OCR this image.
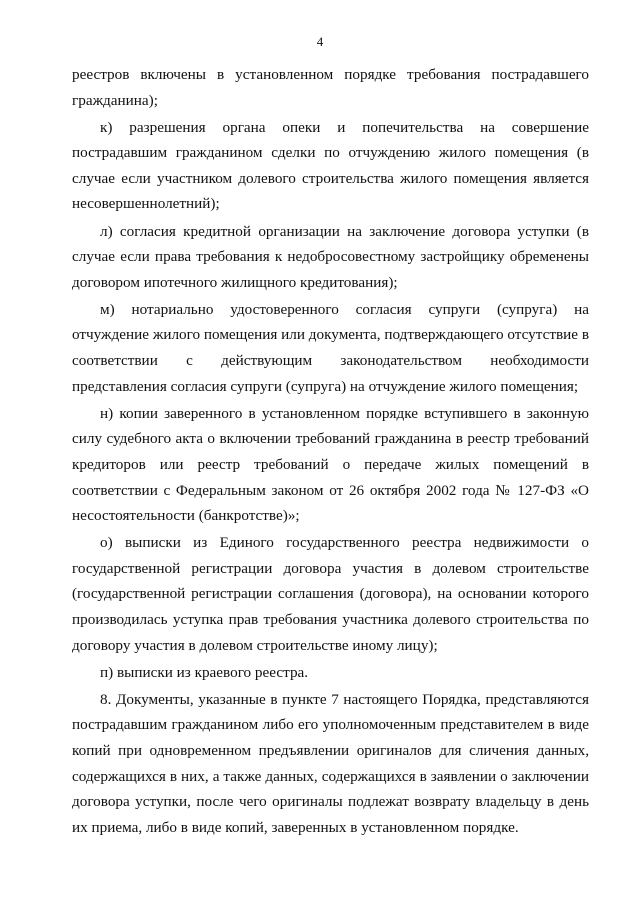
4

реестров включены в установленном порядке требования пострадавшего гражданина);

к) разрешения органа опеки и попечительства на совершение пострадавшим гражданином сделки по отчуждению жилого помещения (в случае если участником долевого строительства жилого помещения является несовершеннолетний);

л) согласия кредитной организации на заключение договора уступки (в случае если права требования к недобросовестному застройщику обременены договором ипотечного жилищного кредитования);

м) нотариально удостоверенного согласия супруги (супруга) на отчуждение жилого помещения или документа, подтверждающего отсутствие в соответствии с действующим законодательством необходимости представления согласия супруги (супруга) на отчуждение жилого помещения;

н) копии заверенного в установленном порядке вступившего в законную силу судебного акта о включении требований гражданина в реестр требований кредиторов или реестр требований о передаче жилых помещений в соответствии с Федеральным законом от 26 октября 2002 года № 127-ФЗ «О несостоятельности (банкротстве)»;

о) выписки из Единого государственного реестра недвижимости о государственной регистрации договора участия в долевом строительстве (государственной регистрации соглашения (договора), на основании которого производилась уступка прав требования участника долевого строительства по договору участия в долевом строительстве иному лицу);

п) выписки из краевого реестра.

8. Документы, указанные в пункте 7 настоящего Порядка, представляются пострадавшим гражданином либо его уполномоченным представителем в виде копий при одновременном предъявлении оригиналов для сличения данных, содержащихся в них, а также данных, содержащихся в заявлении о заключении договора уступки, после чего оригиналы подлежат возврату владельцу в день их приема, либо в виде копий, заверенных в установленном порядке.
